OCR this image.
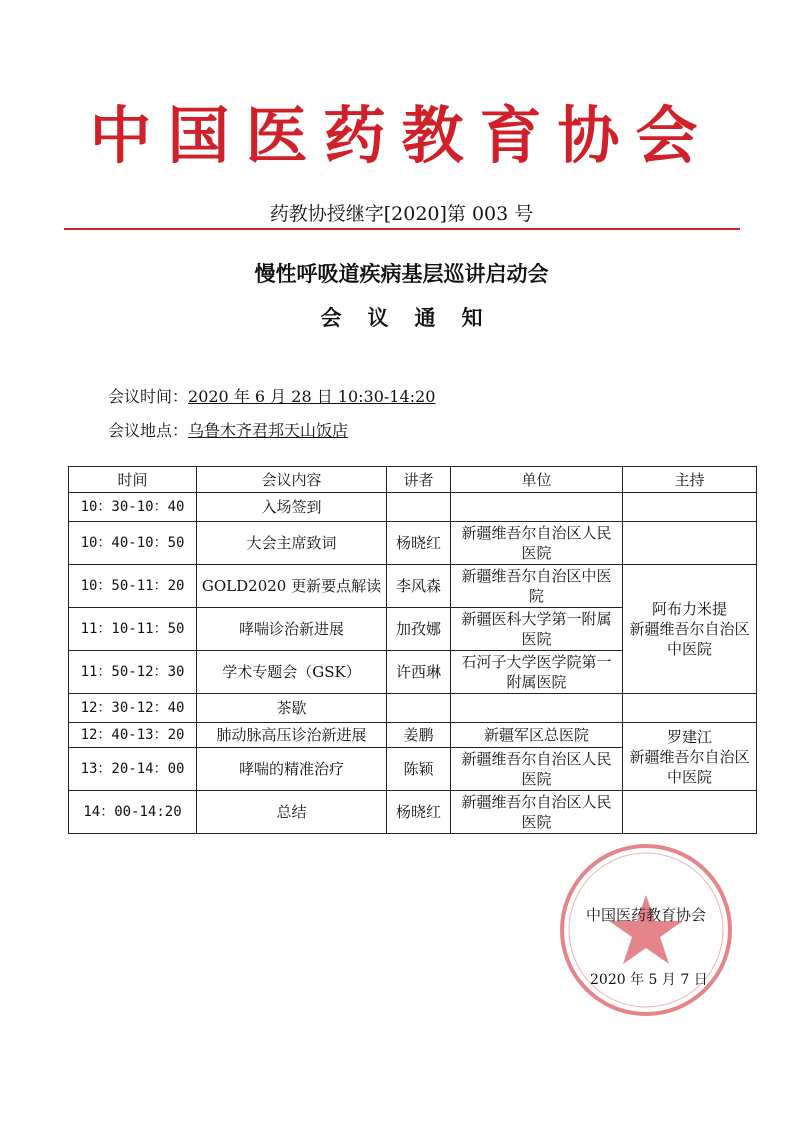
中国医药教育协会
药教协授继字[2020]第 003 号
慢性呼吸道疾病基层巡讲启动会
会议通知
会议时间：2020 年 6 月 28 日 10:30-14:20
会议地点：乌鲁木齐君邦天山饭店
时间	会议内容	讲者	单位	主持
10：30-10：40	入场签到			
10：40-10：50	大会主席致词	杨晓红	新疆维吾尔自治区人民医院	
10：50-11：20	GOLD2020 更新要点解读	李风森	新疆维吾尔自治区中医院	阿布力米提
新疆维吾尔自治区中医院

11：10-11：50	哮喘诊治新进展	加孜娜	新疆医科大学第一附属医院	
11：50-12：30	学术专题会（GSK）	许西琳	石河子大学医学院第一附属医院	
12：30-12：40	茶歇			
12：40-13：20	肺动脉高压诊治新进展	姜鹏	新疆军区总医院	罗建江
新疆维吾尔自治区中医院

13：20-14：00	哮喘的精准治疗	陈颖	新疆维吾尔自治区人民医院	
14：00-14:20	总结	杨晓红	新疆维吾尔自治区人民医院	
中国医药教育协会
2020 年 5 月 7 日
